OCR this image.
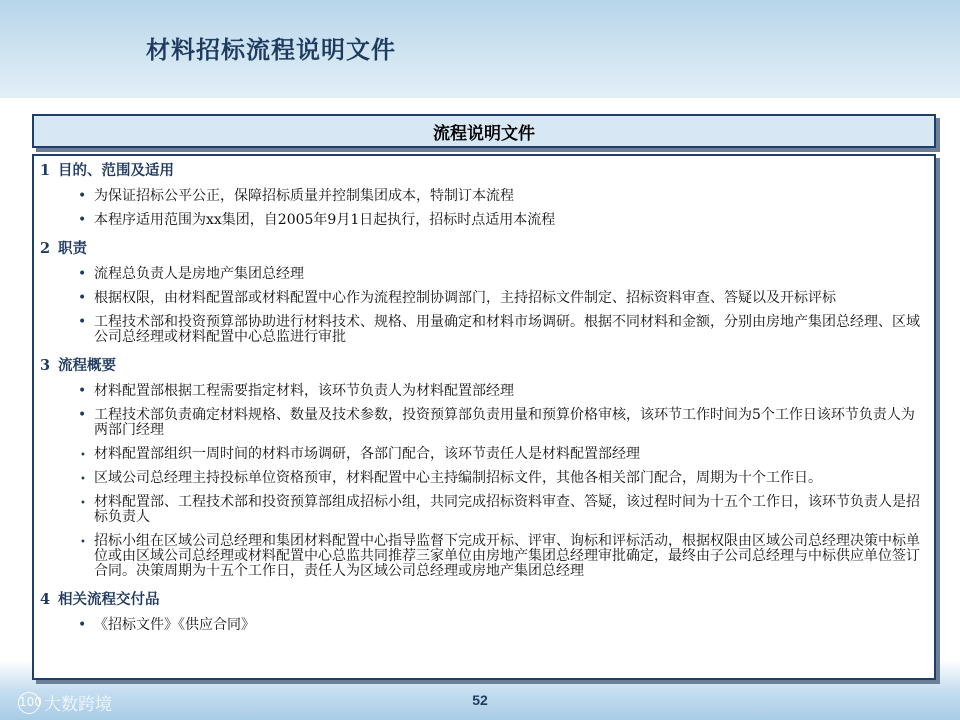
材料招标流程说明文件
流程说明文件
1 目的、范围及适用
• 为保证招标公平公正，保障招标质量并控制集团成本，特制订本流程
• 本程序适用范围为xx集团，自2005年9月1日起执行，招标时点适用本流程
2 职责
• 流程总负责人是房地产集团总经理
• 根据权限，由材料配置部或材料配置中心作为流程控制协调部门，主持招标文件制定、招标资料审查、答疑以及开标评标
• 工程技术部和投资预算部协助进行材料技术、规格、用量确定和材料市场调研。根据不同材料和金额，分别由房地产集团总经理、区域公司总经理或材料配置中心总监进行审批
3 流程概要
• 材料配置部根据工程需要指定材料，该环节负责人为材料配置部经理
• 工程技术部负责确定材料规格、数量及技术参数，投资预算部负责用量和预算价格审核，该环节工作时间为5个工作日该环节负责人为两部门经理
• 材料配置部组织一周时间的材料市场调研，各部门配合，该环节责任人是材料配置部经理
• 区域公司总经理主持投标单位资格预审，材料配置中心主持编制招标文件，其他各相关部门配合，周期为十个工作日。
• 材料配置部、工程技术部和投资预算部组成招标小组，共同完成招标资料审查、答疑，该过程时间为十五个工作日，该环节负责人是招标负责人
• 招标小组在区域公司总经理和集团材料配置中心指导监督下完成开标、评审、询标和评标活动，根据权限由区域公司总经理决策中标单位或由区域公司总经理或材料配置中心总监共同推荐三家单位由房地产集团总经理审批确定，最终由子公司总经理与中标供应单位签订合同。决策周期为十五个工作日，责任人为区域公司总经理或房地产集团总经理
4 相关流程交付品
• 《招标文件》《供应合同》
100 大数跨境	52
